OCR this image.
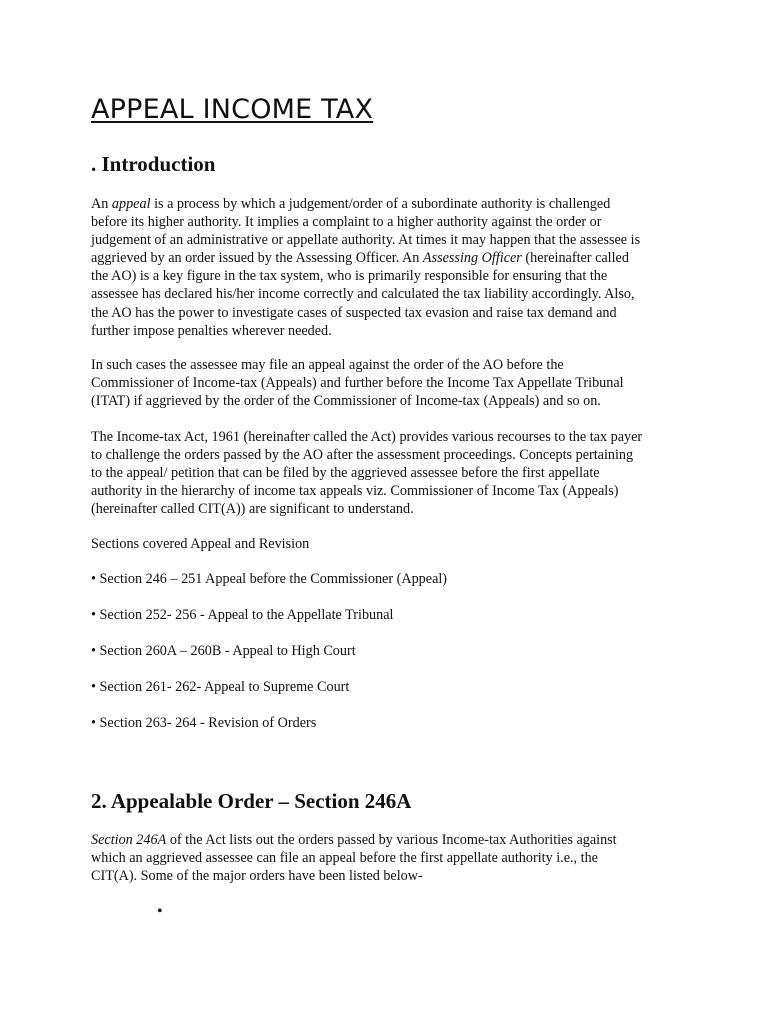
APPEAL INCOME TAX
. Introduction

An appeal is a process by which a judgement/order of a subordinate authority is challenged
before its higher authority. It implies a complaint to a higher authority against the order or
judgement of an administrative or appellate authority. At times it may happen that the assessee is
aggrieved by an order issued by the Assessing Officer. An Assessing Officer (hereinafter called
the AO) is a key figure in the tax system, who is primarily responsible for ensuring that the
assessee has declared his/her income correctly and calculated the tax liability accordingly. Also,
the AO has the power to investigate cases of suspected tax evasion and raise tax demand and
further impose penalties wherever needed.

In such cases the assessee may file an appeal against the order of the AO before the
Commissioner of Income-tax (Appeals) and further before the Income Tax Appellate Tribunal
(ITAT) if aggrieved by the order of the Commissioner of Income-tax (Appeals) and so on.

The Income-tax Act, 1961 (hereinafter called the Act) provides various recourses to the tax payer
to challenge the orders passed by the AO after the assessment proceedings. Concepts pertaining
to the appeal/ petition that can be filed by the aggrieved assessee before the first appellate
authority in the hierarchy of income tax appeals viz. Commissioner of Income Tax (Appeals)
(hereinafter called CIT(A)) are significant to understand.

Sections covered Appeal and Revision

• Section 246 – 251 Appeal before the Commissioner (Appeal)

• Section 252- 256 - Appeal to the Appellate Tribunal

• Section 260A – 260B - Appeal to High Court

• Section 261- 262- Appeal to Supreme Court

• Section 263- 264 - Revision of Orders

2. Appealable Order – Section 246A

Section 246A of the Act lists out the orders passed by various Income-tax Authorities against
which an aggrieved assessee can file an appeal before the first appellate authority i.e., the
CIT(A). Some of the major orders have been listed below-

•
